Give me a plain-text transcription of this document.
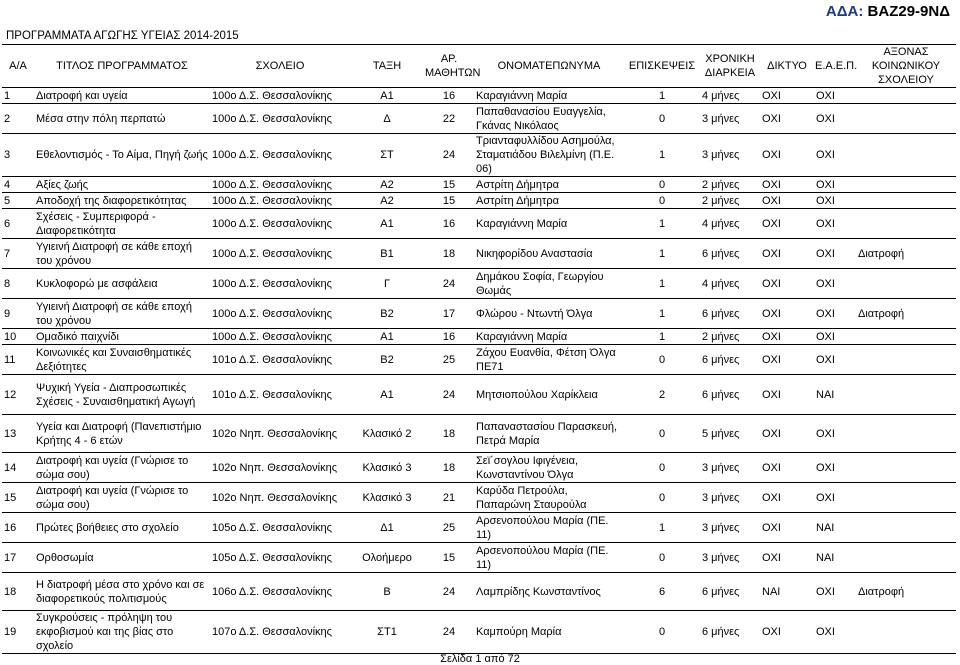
ΠΡΟΓΡΑΜΜΑΤΑ ΑΓΩΓΗΣ ΥΓΕΙΑΣ 2014-2015
ΑΔΑ: ΒΑΖ29-9ΝΔ
Α/Α	ΤΙΤΛΟΣ ΠΡΟΓΡΑΜΜΑΤΟΣ	ΣΧΟΛΕΙΟ	ΤΑΞΗ	ΑΡ. ΜΑΘΗΤΩΝ	ΟΝΟΜΑΤΕΠΩΝΥΜΑ	ΕΠΙΣΚΕΨΕΙΣ	ΧΡΟΝΙΚΗ ΔΙΑΡΚΕΙΑ	ΔΙΚΤΥΟ	Ε.Α.Ε.Π.	ΑΞΟΝΑΣ ΚΟΙΝΩΝΙΚΟΥ ΣΧΟΛΕΙΟΥ
1	Διατροφή και υγεία	100ο Δ.Σ. Θεσσαλονίκης	Α1	16	Καραγιάννη Μαρία	1	4 μήνες	ΟΧΙ	ΟΧΙ	
2	Μέσα στην πόλη περπατώ	100ο Δ.Σ. Θεσσαλονίκης	Δ	22	Παπαθανασίου Ευαγγελία, Γκάνας Νικόλαος	0	3 μήνες	ΟΧΙ	ΟΧΙ	
3	Εθελοντισμός - Το Αίμα, Πηγή ζωής	100ο Δ.Σ. Θεσσαλονίκης	ΣΤ	24	Τριανταφυλλίδου Ασημούλα, Σταματιάδου Βιλελμίνη (Π.Ε. 06)	1	3 μήνες	ΟΧΙ	ΟΧΙ	
4	Αξίες ζωής	100ο Δ.Σ. Θεσσαλονίκης	Α2	15	Αστρίτη Δήμητρα	0	2 μήνες	ΟΧΙ	ΟΧΙ	
5	Αποδοχή της διαφορετικότητας	100ο Δ.Σ. Θεσσαλονίκης	Α2	15	Αστρίτη Δήμητρα	0	2 μήνες	ΟΧΙ	ΟΧΙ	
6	Σχέσεις - Συμπεριφορά - Διαφορετικότητα	100ο Δ.Σ. Θεσσαλονίκης	Α1	16	Καραγιάννη Μαρία	1	4 μήνες	ΟΧΙ	ΟΧΙ	
7	Υγιεινή Διατροφή σε κάθε εποχή του χρόνου	100ο Δ.Σ. Θεσσαλονίκης	Β1	18	Νικηφορίδου Αναστασία	1	6 μήνες	ΟΧΙ	ΟΧΙ	Διατροφή
8	Κυκλοφορώ με ασφάλεια	100ο Δ.Σ. Θεσσαλονίκης	Γ	24	Δημάκου Σοφία, Γεωργίου Θωμάς	1	4 μήνες	ΟΧΙ	ΟΧΙ	
9	Υγιεινή Διατροφή σε κάθε εποχή του χρόνου	100ο Δ.Σ. Θεσσαλονίκης	Β2	17	Φλώρου - Ντωντή Όλγα	1	6 μήνες	ΟΧΙ	ΟΧΙ	Διατροφή
10	Ομαδικό παιχνίδι	100ο Δ.Σ. Θεσσαλονίκης	Α1	16	Καραγιάννη Μαρία	1	2 μήνες	ΟΧΙ	ΟΧΙ	
11	Κοινωνικές και Συναισθηματικές Δεξιότητες	101ο Δ.Σ. Θεσσαλονίκης	Β2	25	Ζάχου Ευανθία, Φέτση Όλγα ΠΕ71	0	6 μήνες	ΟΧΙ	ΟΧΙ	
12	Ψυχική Υγεία - Διαπροσωπικές Σχέσεις - Συναισθηματική Αγωγή	101ο Δ.Σ. Θεσσαλονίκης	Α1	24	Μητσιοπούλου Χαρίκλεια	2	6 μήνες	ΟΧΙ	ΝΑΙ	
13	Υγεία και Διατροφή (Πανεπιστήμιο Κρήτης 4 - 6 ετών	102ο Νηπ. Θεσσαλονίκης	Κλασικό 2	18	Παπαναστασίου Παρασκευή, Πετρά Μαρία	0	5 μήνες	ΟΧΙ	ΟΧΙ	
14	Διατροφή και υγεία (Γνώρισε το σώμα σου)	102ο Νηπ. Θεσσαλονίκης	Κλασικό 3	18	Σεϊ΄σογλου Ιφιγένεια, Κωνσταντίνου Όλγα	0	3 μήνες	ΟΧΙ	ΟΧΙ	
15	Διατροφή και υγεία (Γνώρισε το σώμα σου)	102ο Νηπ. Θεσσαλονίκης	Κλασικό 3	21	Καρύδα Πετρούλα, Παπαρώνη Σταυρούλα	0	3 μήνες	ΟΧΙ	ΟΧΙ	
16	Πρώτες βοήθειες στο σχολείο	105ο Δ.Σ. Θεσσαλονίκης	Δ1	25	Αρσενοπούλου Μαρία (ΠΕ. 11)	1	3 μήνες	ΟΧΙ	ΝΑΙ	
17	Ορθοσωμία	105ο Δ.Σ. Θεσσαλονίκης	Ολοήμερο	15	Αρσενοπούλου Μαρία (ΠΕ. 11)	0	3 μήνες	ΟΧΙ	ΝΑΙ	
18	Η διατροφή μέσα στο χρόνο και σε διαφορετικούς πολιτισμούς	106ο Δ.Σ. Θεσσαλονίκης	Β	24	Λαμπρίδης Κωνσταντίνος	6	6 μήνες	ΝΑΙ	ΟΧΙ	Διατροφή
19	Συγκρούσεις - πρόληψη του εκφοβισμού και της βίας στο σχολείο	107ο Δ.Σ. Θεσσαλονίκης	ΣΤ1	24	Καμπούρη Μαρία	0	6 μήνες	ΟΧΙ	ΟΧΙ	
Σελίδα 1 από 72
